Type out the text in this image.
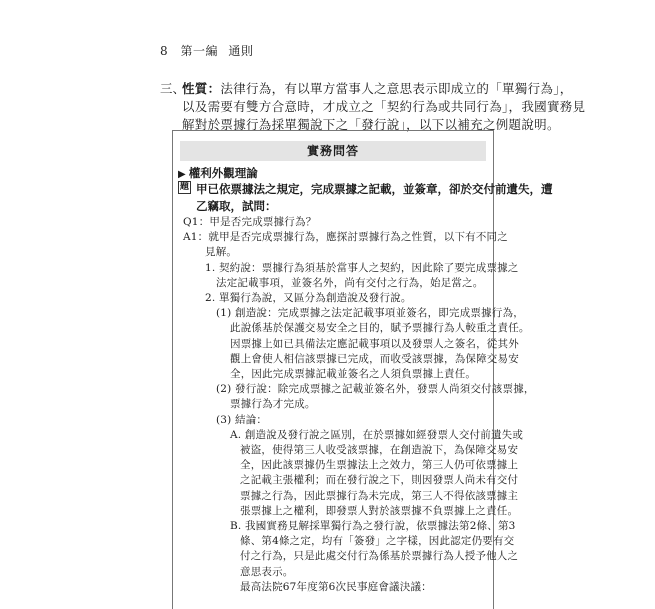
8 第一編 通則
三、
性質：法律行為，有以單方當事人之意思表示即成立的「單獨行為」，
以及需要有雙方合意時，才成立之「契約行為或共同行為」，我國實務見
解對於票據行為採單獨說下之「發行說」，以下以補充之例題說明。
實務問答
▶ 權利外觀理論
題 甲已依票據法之規定，完成票據之記載，並簽章，卻於交付前遺失，遭
乙竊取，試問：
Q1：甲是否完成票據行為？
A1：就甲是否完成票據行為，應探討票據行為之性質，以下有不同之
見解。
1. 契約說：票據行為須基於當事人之契約，因此除了要完成票據之
法定記載事項，並簽名外，尚有交付之行為，始足當之。
2. 單獨行為說，又區分為創造說及發行說。
(1) 創造說：完成票據之法定記載事項並簽名，即完成票據行為，
此說係基於保護交易安全之目的，賦予票據行為人較重之責任。
因票據上如已具備法定應記載事項以及發票人之簽名，從其外
觀上會使人相信該票據已完成，而收受該票據，為保障交易安
全，因此完成票據記載並簽名之人須負票據上責任。
(2) 發行說：除完成票據之記載並簽名外，發票人尚須交付該票據，
票據行為才完成。
(3) 結論：
A. 創造說及發行說之區別，在於票據如經發票人交付前遺失或
被盜，使得第三人收受該票據，在創造說下，為保障交易安
全，因此該票據仍生票據法上之效力，第三人仍可依票據上
之記載主張權利；而在發行說之下，則因發票人尚未有交付
票據之行為，因此票據行為未完成，第三人不得依該票據主
張票據上之權利，即發票人對於該票據不負票據上之責任。
B. 我國實務見解採單獨行為之發行說，依票據法第2條、第3
條、第4條之定，均有「簽發」之字樣，因此認定仍要有交
付之行為，只是此處交付行為係基於票據行為人授予他人之
意思表示。
最高法院67年度第6次民事庭會議決議：
